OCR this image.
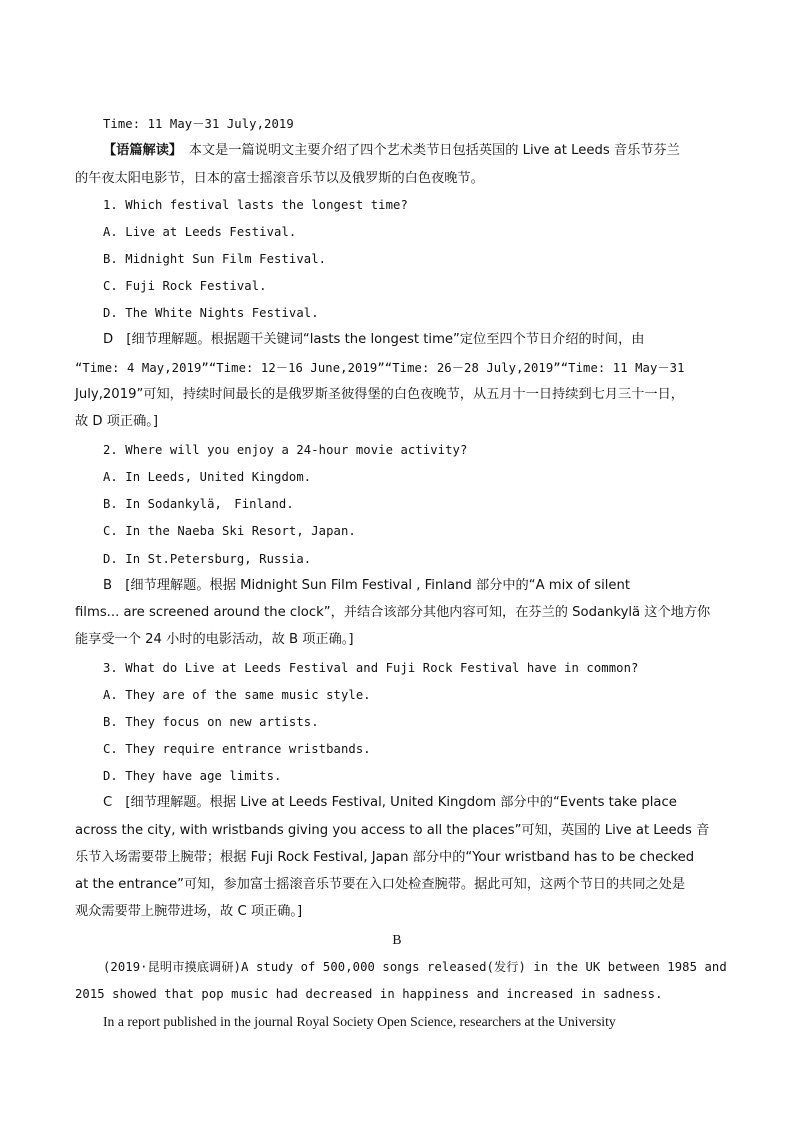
Time: 11 May－31 July,2019
【语篇解读】　本文是一篇说明文主要介绍了四个艺术类节日包括英国的 Live at Leeds 音乐节芬兰
的午夜太阳电影节，日本的富士摇滚音乐节以及俄罗斯的白色夜晚节。
1. Which festival lasts the longest time?
A. Live at Leeds Festival.
B. Midnight Sun Film Festival.
C. Fuji Rock Festival.
D. The White Nights Festival.
D　[细节理解题。根据题干关键词“lasts the longest time”定位至四个节日介绍的时间，由
“Time: 4 May,2019”“Time: 12－16 June,2019”“Time: 26－28 July,2019”“Time: 11 May－31
July,2019”可知，持续时间最长的是俄罗斯圣彼得堡的白色夜晚节，从五月十一日持续到七月三十一日，
故 D 项正确。]
2. Where will you enjoy a 24-hour movie activity?
A. In Leeds, United Kingdom.
B. In Sodankylä,　Finland.
C. In the Naeba Ski Resort, Japan.
D. In St.Petersburg, Russia.
B　[细节理解题。根据 Midnight Sun Film Festival , Finland 部分中的“A mix of silent
films... are screened around the clock”，并结合该部分其他内容可知，在芬兰的 Sodankylä 这个地方你
能享受一个 24 小时的电影活动，故 B 项正确。]
3. What do Live at Leeds Festival and Fuji Rock Festival have in common?
A. They are of the same music style.
B. They focus on new artists.
C. They require entrance wristbands.
D. They have age limits.
C　[细节理解题。根据 Live at Leeds Festival, United Kingdom 部分中的“Events take place
across the city, with wristbands giving you access to all the places”可知，英国的 Live at Leeds 音
乐节入场需要带上腕带；根据 Fuji Rock Festival, Japan 部分中的“Your wristband has to be checked
at the entrance”可知，参加富士摇滚音乐节要在入口处检查腕带。据此可知，这两个节日的共同之处是
观众需要带上腕带进场，故 C 项正确。]
B
(2019·昆明市摸底调研)A study of 500,000 songs released(发行) in the UK between 1985 and
2015 showed that pop music had decreased in happiness and increased in sadness.
In a report published in the journal Royal Society Open Science, researchers at the University
